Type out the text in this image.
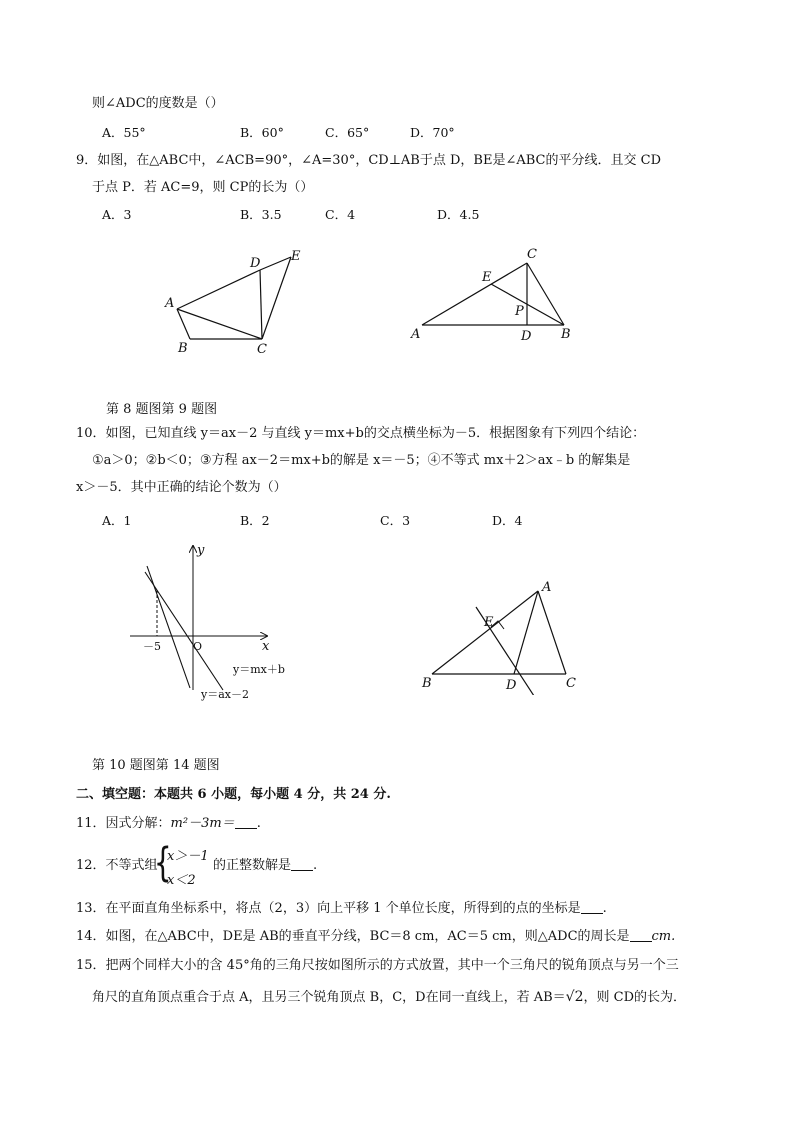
则∠ADC的度数是（）
A．55°	B．60°	C．65°	D．70°
9．如图，在△ABC中，∠ACB=90°，∠A=30°，CD⊥AB于点 D，BE是∠ABC的平分线．且交 CD
于点 P．若 AC=9，则 CP的长为（）
A．3	B．3.5	C．4	D．4.5
A
B	C
D E
A	B
C
D
E
P
第 8 题图第 9 题图
10．如图，已知直线 y＝ax－2 与直线 y＝mx+b的交点横坐标为－5．根据图象有下列四个结论：
①a＞0；②b＜0；③方程 ax－2＝mx+b的解是 x＝－5；④不等式 mx＋2＞ax﹣b 的解集是
x＞－5．其中正确的结论个数为（）
A．1	B．2	C．3	D．4
y
x
O
－5
y＝mx＋b
y＝ax－2
A
B	C
D
E
第 10 题图第 14 题图
二、填空题：本题共 6 小题，每小题 4 分，共 24 分.
11．因式分解：m²－3m＝ .
12．不等式组
{
x＞－1
x＜2
的正整数解是 .
13．在平面直角坐标系中，将点（2，3）向上平移 1 个单位长度，所得到的点的坐标是 .
14．如图，在△ABC中，DE是 AB的垂直平分线，BC＝8 cm，AC＝5 cm，则△ADC的周长是 cm.
15．把两个同样大小的含 45°角的三角尺按如图所示的方式放置，其中一个三角尺的锐角顶点与另一个三
角尺的直角顶点重合于点 A，且另三个锐角顶点 B，C，D在同一直线上，若 AB＝√2，则 CD的长为．
